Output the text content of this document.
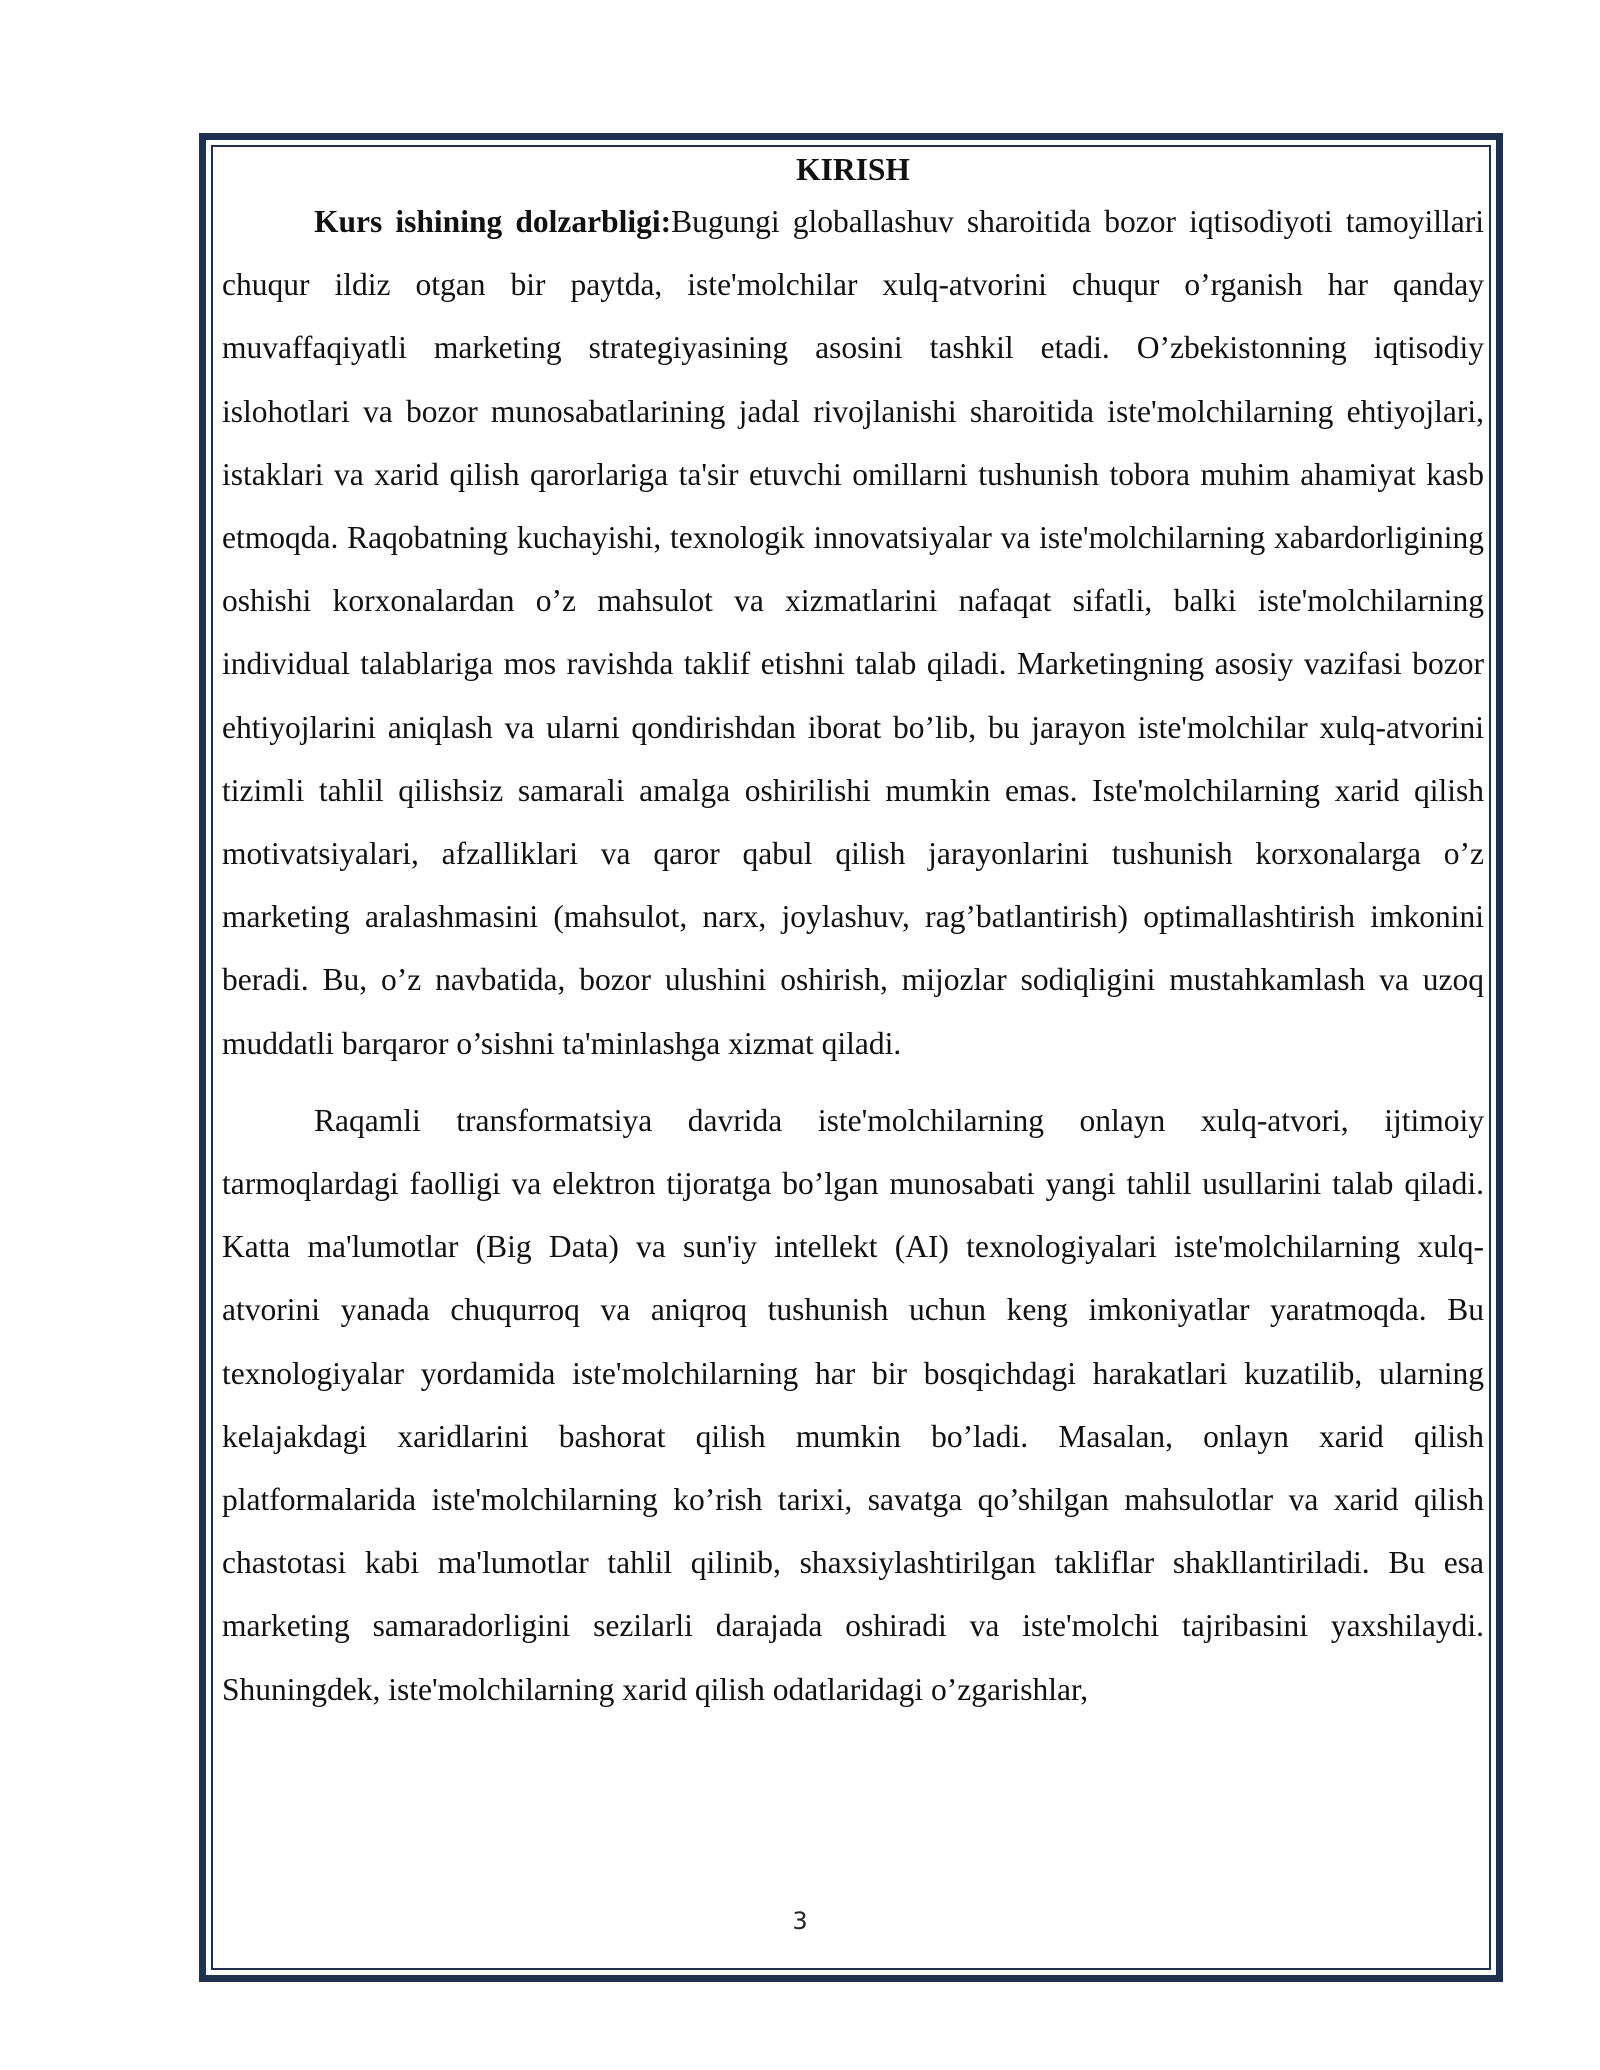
KIRISH

Kurs ishining dolzarbligi:Bugungi globallashuv sharoitida bozor iqtisodiyoti tamoyillari chuqur ildiz otgan bir paytda, iste'molchilar xulq-atvorini chuqur o’rganish har qanday muvaffaqiyatli marketing strategiyasining asosini tashkil etadi. O’zbekistonning iqtisodiy islohotlari va bozor munosabatlarining jadal rivojlanishi sharoitida iste'molchilarning ehtiyojlari, istaklari va xarid qilish qarorlariga ta'sir etuvchi omillarni tushunish tobora muhim ahamiyat kasb etmoqda. Raqobatning kuchayishi, texnologik innovatsiyalar va iste'molchilarning xabardorligining oshishi korxonalardan o’z mahsulot va xizmatlarini nafaqat sifatli, balki iste'molchilarning individual talablariga mos ravishda taklif etishni talab qiladi. Marketingning asosiy vazifasi bozor ehtiyojlarini aniqlash va ularni qondirishdan iborat bo’lib, bu jarayon iste'molchilar xulq-atvorini tizimli tahlil qilishsiz samarali amalga oshirilishi mumkin emas. Iste'molchilarning xarid qilish motivatsiyalari, afzalliklari va qaror qabul qilish jarayonlarini tushunish korxonalarga o’z marketing aralashmasini (mahsulot, narx, joylashuv, rag’batlantirish) optimallashtirish imkonini beradi. Bu, o’z navbatida, bozor ulushini oshirish, mijozlar sodiqligini mustahkamlash va uzoq muddatli barqaror o’sishni ta'minlashga xizmat qiladi.

Raqamli transformatsiya davrida iste'molchilarning onlayn xulq-atvori, ijtimoiy tarmoqlardagi faolligi va elektron tijoratga bo’lgan munosabati yangi tahlil usullarini talab qiladi. Katta ma'lumotlar (Big Data) va sun'iy intellekt (AI) texnologiyalari iste'molchilarning xulq-atvorini yanada chuqurroq va aniqroq tushunish uchun keng imkoniyatlar yaratmoqda. Bu texnologiyalar yordamida iste'molchilarning har bir bosqichdagi harakatlari kuzatilib, ularning kelajakdagi xaridlarini bashorat qilish mumkin bo’ladi. Masalan, onlayn xarid qilish platformalarida iste'molchilarning ko’rish tarixi, savatga qo’shilgan mahsulotlar va xarid qilish chastotasi kabi ma'lumotlar tahlil qilinib, shaxsiylashtirilgan takliflar shakllantiriladi. Bu esa marketing samaradorligini sezilarli darajada oshiradi va iste'molchi tajribasini yaxshilaydi. Shuningdek, iste'molchilarning xarid qilish odatlaridagi o’zgarishlar,

3
